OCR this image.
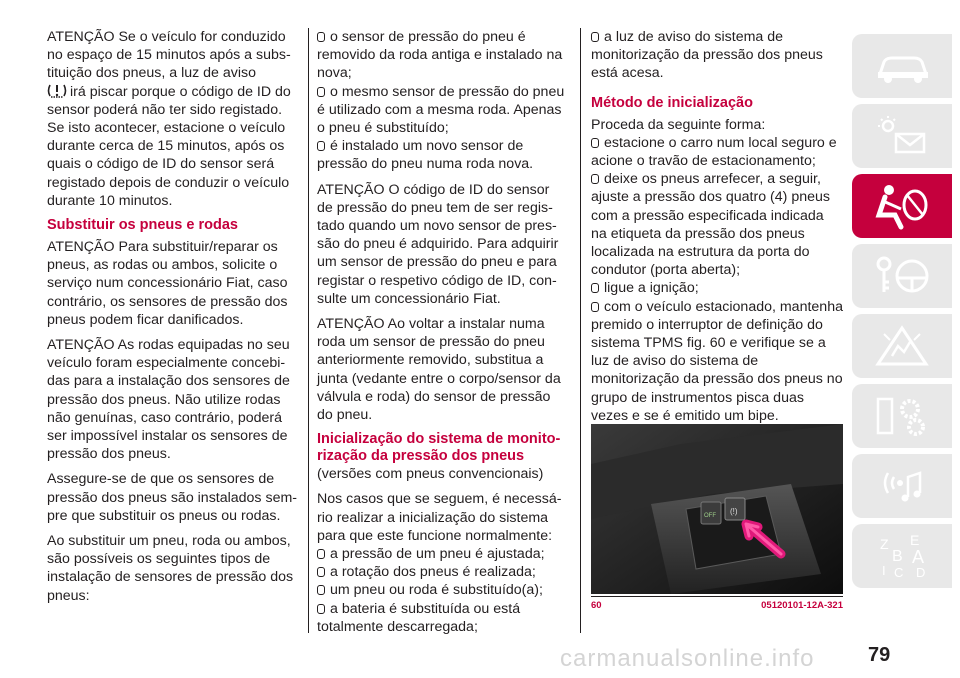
ATENÇÃO Se o veículo for conduzido no espaço de 15 minutos após a subs-tituição dos pneus, a luz de aviso
irá piscar porque o código de ID do sensor poderá não ter sido registado. Se isto acontecer, estacione o veículo durante cerca de 15 minutos, após os quais o código de ID do sensor será registado depois de conduzir o veículo durante 10 minutos.

Substituir os pneus e rodas

ATENÇÃO Para substituir/reparar os pneus, as rodas ou ambos, solicite o serviço num concessionário Fiat, caso contrário, os sensores de pressão dos pneus podem ficar danificados.

ATENÇÃO As rodas equipadas no seu veículo foram especialmente concebi-das para a instalação dos sensores de pressão dos pneus. Não utilize rodas não genuínas, caso contrário, poderá ser impossível instalar os sensores de pressão dos pneus.

Assegure-se de que os sensores de pressão dos pneus são instalados sem-pre que substituir os pneus ou rodas.

Ao substituir um pneu, roda ou ambos, são possíveis os seguintes tipos de instalação de sensores de pressão dos pneus:

o sensor de pressão do pneu é removido da roda antiga e instalado na nova;
o mesmo sensor de pressão do pneu é utilizado com a mesma roda. Apenas o pneu é substituído;
é instalado um novo sensor de pressão do pneu numa roda nova.

ATENÇÃO O código de ID do sensor de pressão do pneu tem de ser regis-tado quando um novo sensor de pres-são do pneu é adquirido. Para adquirir um sensor de pressão do pneu e para registar o respetivo código de ID, con-sulte um concessionário Fiat.

ATENÇÃO Ao voltar a instalar numa roda um sensor de pressão do pneu anteriormente removido, substitua a junta (vedante entre o corpo/sensor da válvula e roda) do sensor de pressão do pneu.

Inicialização do sistema de monito-rização da pressão dos pneus

(versões com pneus convencionais)

Nos casos que se seguem, é necessá-rio realizar a inicialização do sistema para que este funcione normalmente:

a pressão de um pneu é ajustada;
a rotação dos pneus é realizada;
um pneu ou roda é substituído(a);
a bateria é substituída ou está totalmente descarregada;
a luz de aviso do sistema de monitorização da pressão dos pneus está acesa.
Método de inicialização

Proceda da seguinte forma:

estacione o carro num local seguro e acione o travão de estacionamento;
deixe os pneus arrefecer, a seguir, ajuste a pressão dos quatro (4) pneus com a pressão especificada indicada na etiqueta da pressão dos pneus localizada na estrutura da porta do condutor (porta aberta);
ligue a ignição;
com o veículo estacionado, mantenha premido o interruptor de definição do sistema TPMS fig. 60 e verifique se a luz de aviso do sistema de monitorização da pressão dos pneus no grupo de instrumentos pisca duas vezes e se é emitido um bipe.
OFF (!)
60	05120101-12A-321
Z E
B A
I C D
carmanualsonline.info	79
